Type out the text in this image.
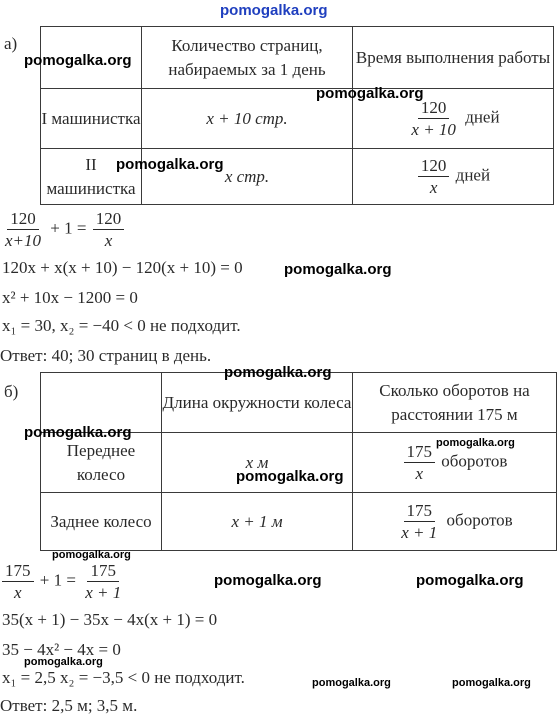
pomogalka.org
а)
		Количество страниц, набираемых за 1 день	Время выполнения работы
I машинистка	x + 10 стр.	$\frac{120}{x + 10}$ дней
II машинистка	x стр.	$\frac{120}{x}$ дней
$\frac{120}{x+10} + 1 = \frac{120}{x}$
120x + x(x + 10) − 120(x + 10) = 0
x² + 10x − 1200 = 0
x₁ = 30, x₂ = −40 < 0 не подходит.
Ответ: 40; 30 страниц в день.
б)
	Длина окружности колеса	Сколько оборотов на расстоянии 175 м
Переднее колесо	x м	$\frac{175}{x}$ оборотов
Заднее колесо	x + 1 м	$\frac{175}{x + 1}$ оборотов
$\frac{175}{x} + 1 = \frac{175}{x + 1}$
35(x + 1) − 35x − 4x(x + 1) = 0
35 − 4x² − 4x = 0
x₁ = 2,5 x₂ = −3,5 < 0 не подходит.
Ответ: 2,5 м; 3,5 м.
pomogalka.org
pomogalka.org
pomogalka.org
pomogalka.org
pomogalka.org
pomogalka.org
pomogalka.org
pomogalka.org
pomogalka.org
pomogalka.org	pomogalka.org
pomogalka.org
pomogalka.org	pomogalka.org
